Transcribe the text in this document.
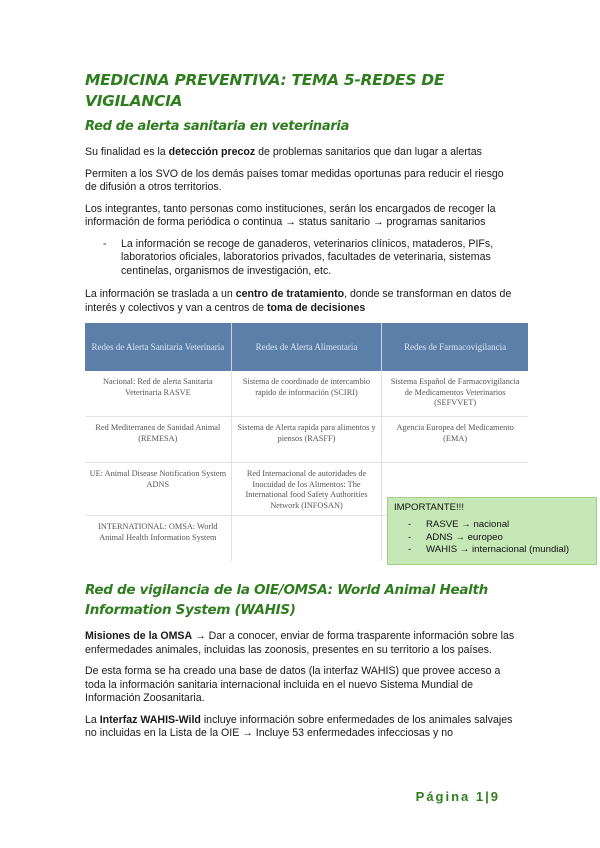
MEDICINA PREVENTIVA: TEMA 5-REDES DE VIGILANCIA
Red de alerta sanitaria en veterinaria

Su finalidad es la detección precoz de problemas sanitarios que dan lugar a alertas

Permiten a los SVO de los demás países tomar medidas oportunas para reducir el riesgo de difusión a otros territorios.

Los integrantes, tanto personas como instituciones, serán los encargados de recoger la información de forma periódica o continua → status sanitario → programas sanitarios

- La información se recoge de ganaderos, veterinarios clínicos, mataderos, PIFs, laboratorios oficiales, laboratorios privados, facultades de veterinaria, sistemas centinelas, organismos de investigación, etc.

La información se traslada a un centro de tratamiento, donde se transforman en datos de interés y colectivos y van a centros de toma de decisiones

Redes de Alerta Sanitaria Veterinaria	Redes de Alerta Alimentaria	Redes de Farmacovigilancia
Nacional: Red de alerta Sanitaria Veterinaria RASVE	Sistema de coordinado de intercambio rapido de información (SCIRI)	Sistema Español de Farmacovigilancia de Medicamentos Veterinarios (SEFVVET)
Red Mediterranea de Sanidad Animal (REMESA)	Sistema de Alerta rapida para alimentos y piensos (RASFF)	Agencia Europea del Medicamento (EMA)
UE: Animal Disease Notification System ADNS	Red Internacional de autoridades de Inocuidad de los Alimentos: The International food Safety Authorities Network (INFOSAN)	
INTERNATIONAL: OMSA: World Animal Health Information System		
IMPORTANTE!!!
- RASVE → nacional
- ADNS → europeo
- WAHIS → internacional (mundial)
Red de vigilancia de la OIE/OMSA: World Animal Health Information System (WAHIS)

Misiones de la OMSA → Dar a conocer, enviar de forma trasparente información sobre las enfermedades animales, incluidas las zoonosis, presentes en su territorio a los países.

De esta forma se ha creado una base de datos (la interfaz WAHIS) que provee acceso a toda la información sanitaria internacional incluida en el nuevo Sistema Mundial de Información Zoosanitaria.

La Interfaz WAHIS-Wild incluye información sobre enfermedades de los animales salvajes no incluidas en la Lista de la OIE → Incluye 53 enfermedades infecciosas y no

Página 1|9
